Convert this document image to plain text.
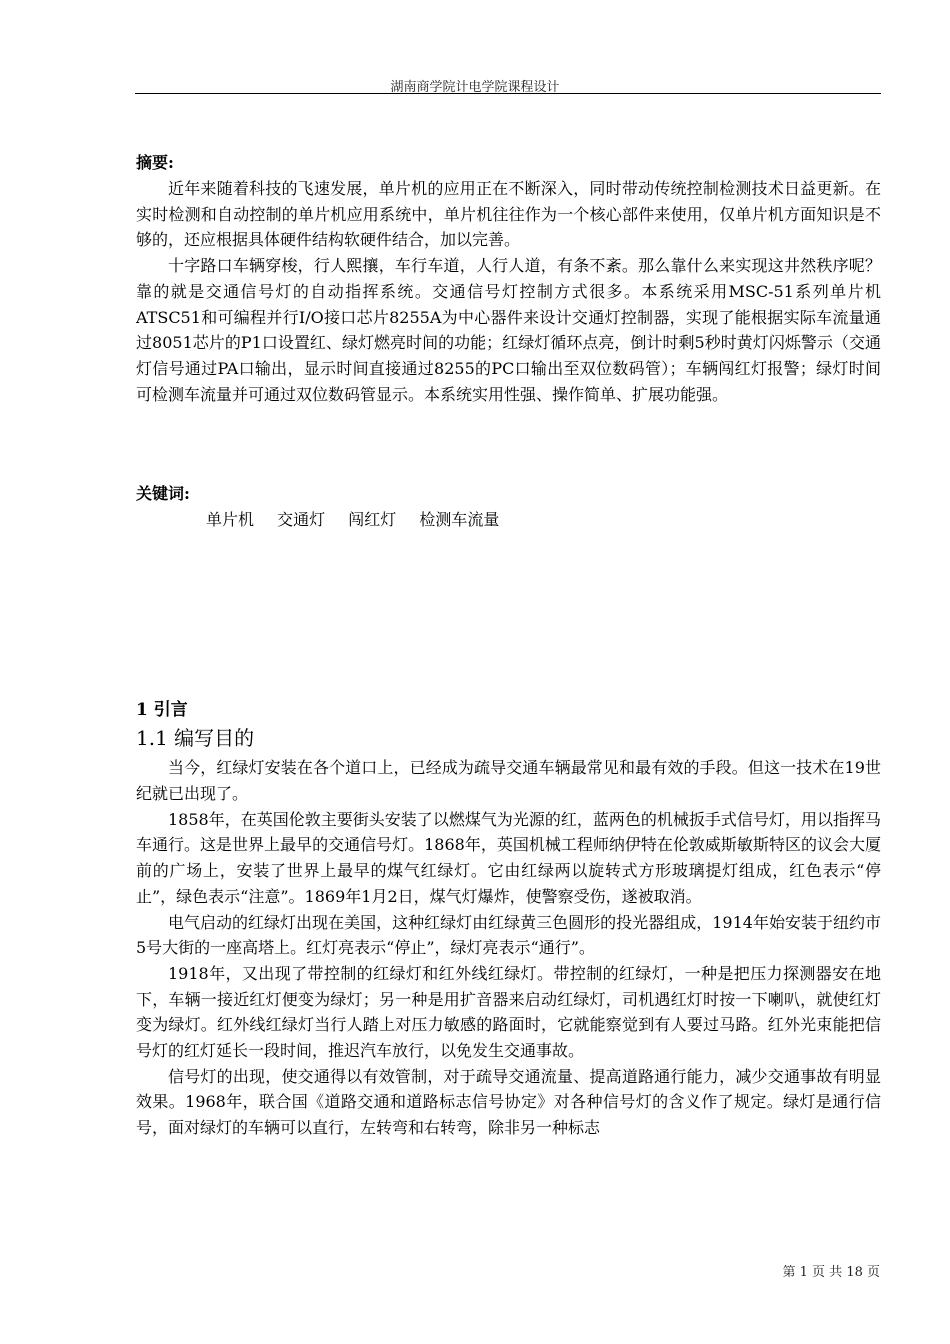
湖南商学院计电学院课程设计
摘要:

近年来随着科技的飞速发展，单片机的应用正在不断深入，同时带动传统控制检测技术日益更新。在实时检测和自动控制的单片机应用系统中，单片机往往作为一个核心部件来使用，仅单片机方面知识是不够的，还应根据具体硬件结构软硬件结合，加以完善。

十字路口车辆穿梭，行人熙攘，车行车道，人行人道，有条不紊。那么靠什么来实现这井然秩序呢？靠的就是交通信号灯的自动指挥系统。交通信号灯控制方式很多。本系统采用MSC-51系列单片机ATSC51和可编程并行I/O接口芯片8255A为中心器件来设计交通灯控制器，实现了能根据实际车流量通过8051芯片的P1口设置红、绿灯燃亮时间的功能；红绿灯循环点亮，倒计时剩5秒时黄灯闪烁警示（交通灯信号通过PA口输出，显示时间直接通过8255的PC口输出至双位数码管）；车辆闯红灯报警；绿灯时间可检测车流量并可通过双位数码管显示。本系统实用性强、操作简单、扩展功能强。

关键词:
单片机 交通灯 闯红灯 检测车流量
1 引言
1.1 编写目的

当今，红绿灯安装在各个道口上，已经成为疏导交通车辆最常见和最有效的手段。但这一技术在19世纪就已出现了。

1858年，在英国伦敦主要街头安装了以燃煤气为光源的红，蓝两色的机械扳手式信号灯，用以指挥马车通行。这是世界上最早的交通信号灯。1868年，英国机械工程师纳伊特在伦敦威斯敏斯特区的议会大厦前的广场上，安装了世界上最早的煤气红绿灯。它由红绿两以旋转式方形玻璃提灯组成，红色表示“停止”，绿色表示“注意”。1869年1月2日，煤气灯爆炸，使警察受伤，遂被取消。

电气启动的红绿灯出现在美国，这种红绿灯由红绿黄三色圆形的投光器组成，1914年始安装于纽约市5号大街的一座高塔上。红灯亮表示“停止”，绿灯亮表示“通行”。

1918年，又出现了带控制的红绿灯和红外线红绿灯。带控制的红绿灯，一种是把压力探测器安在地下，车辆一接近红灯便变为绿灯；另一种是用扩音器来启动红绿灯，司机遇红灯时按一下喇叭，就使红灯变为绿灯。红外线红绿灯当行人踏上对压力敏感的路面时，它就能察觉到有人要过马路。红外光束能把信号灯的红灯延长一段时间，推迟汽车放行，以免发生交通事故。

信号灯的出现，使交通得以有效管制，对于疏导交通流量、提高道路通行能力，减少交通事故有明显效果。1968年，联合国《道路交通和道路标志信号协定》对各种信号灯的含义作了规定。绿灯是通行信号，面对绿灯的车辆可以直行，左转弯和右转弯，除非另一种标志

第 1 页 共 18 页
